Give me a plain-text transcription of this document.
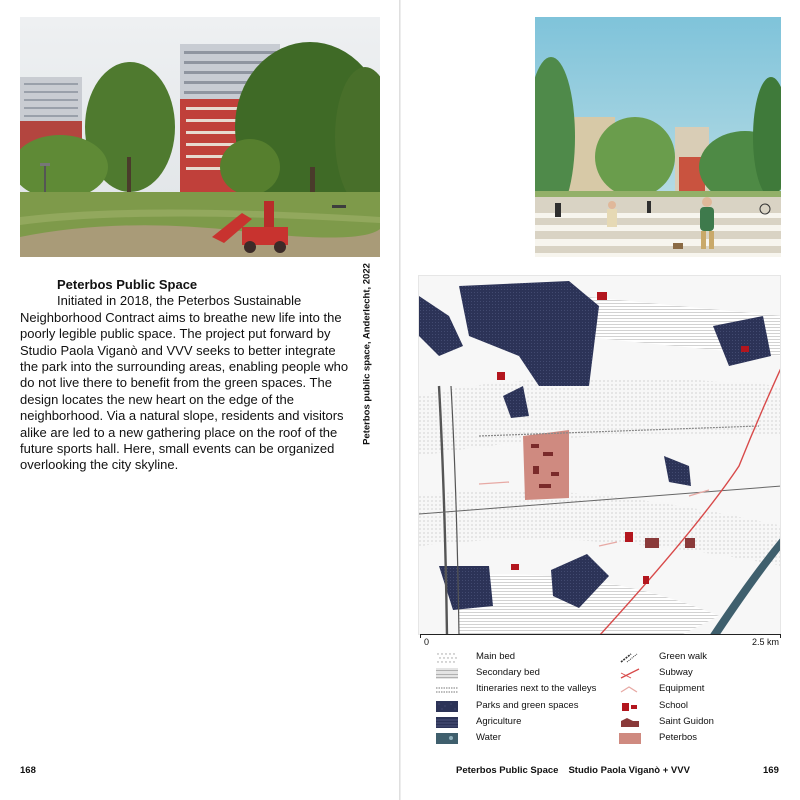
Peterbos Public Space

Initiated in 2018, the Peterbos Sustainable Neighborhood Contract aims to breathe new life into the poorly legible public space. The project put forward by Studio Paola Viganò and VVV seeks to better integrate the park into the surrounding areas, enabling people who do not live there to benefit from the green spaces. The design locates the new heart on the edge of the neighborhood. Via a natural slope, residents and visitors alike are led to a new gathering place on the roof of the future sports hall. Here, small events can be organized overlooking the city skyline.

Peterbos public space, Anderlecht, 2022
168
0	2.5 km
Main bed
Secondary bed
Itineraries next to the valleys
Parks and green spaces
Agriculture
Water
Green walk
Subway
Equipment
School
Saint Guidon
Peterbos
Peterbos Public Space Studio Paola Viganò + VVV	169
